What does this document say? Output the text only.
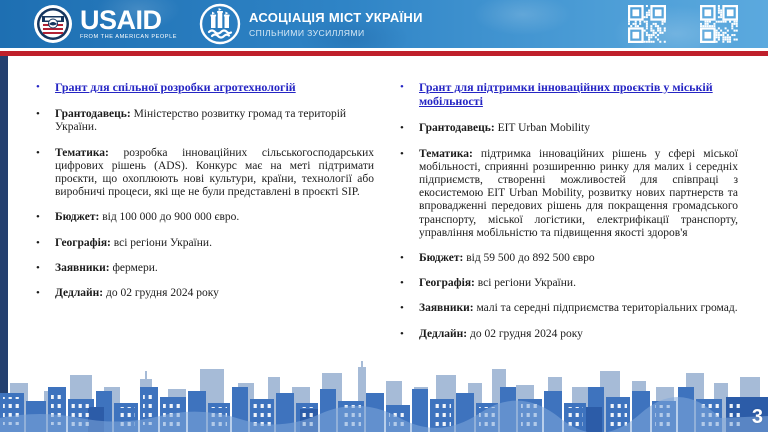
USAID
FROM THE AMERICAN PEOPLE
АСОЦІАЦІЯ МІСТ УКРАЇНИ
СПІЛЬНИМИ ЗУСИЛЛЯМИ
•	Грант для спільної розробки агротехнологій
•	Грантодавець: Міністерство розвитку громад та територій України.
•	Тематика: розробка інноваційних сільськогосподарських цифрових рішень (ADS). Конкурс має на меті підтримати проєкти, що охоплюють нові культури, країни, технології або виробничі процеси, які ще не були представлені в проєкті SIP.
•	Бюджет: від 100 000 до 900 000 євро.
•	Географія: всі регіони України.
•	Заявники: фермери.
•	Дедлайн: до 02 грудня 2024 року
•	Грант для підтримки інноваційних проєктів у міській мобільності
•	Грантодавець: EIT Urban Mobility
•	Тематика: підтримка інноваційних рішень у сфері міської мобільності, сприянні розширенню ринку для малих і середніх підприємств, створенні можливостей для співпраці з екосистемою EIT Urban Mobility, розвитку нових партнерств та впровадженні передових рішень для покращення громадського транспорту, міської логістики, електрифікації транспорту, управління мобільністю та підвищення якості здоров'я
•	Бюджет: від 59 500 до 892 500 євро
•	Географія: всі регіони України.
•	Заявники: малі та середні підприємства територіальних громад.
•	Дедлайн: до 02 грудня 2024 року
3
